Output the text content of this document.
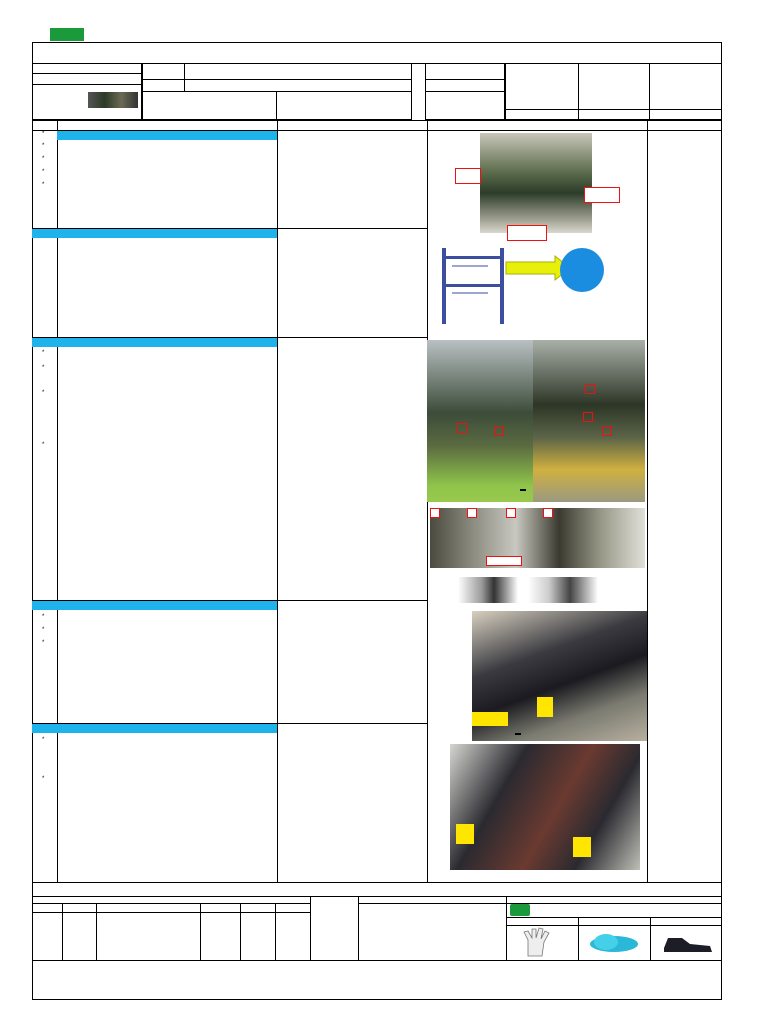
*
*
*
*
*
*
*
*
*
*
*
*
*
*
